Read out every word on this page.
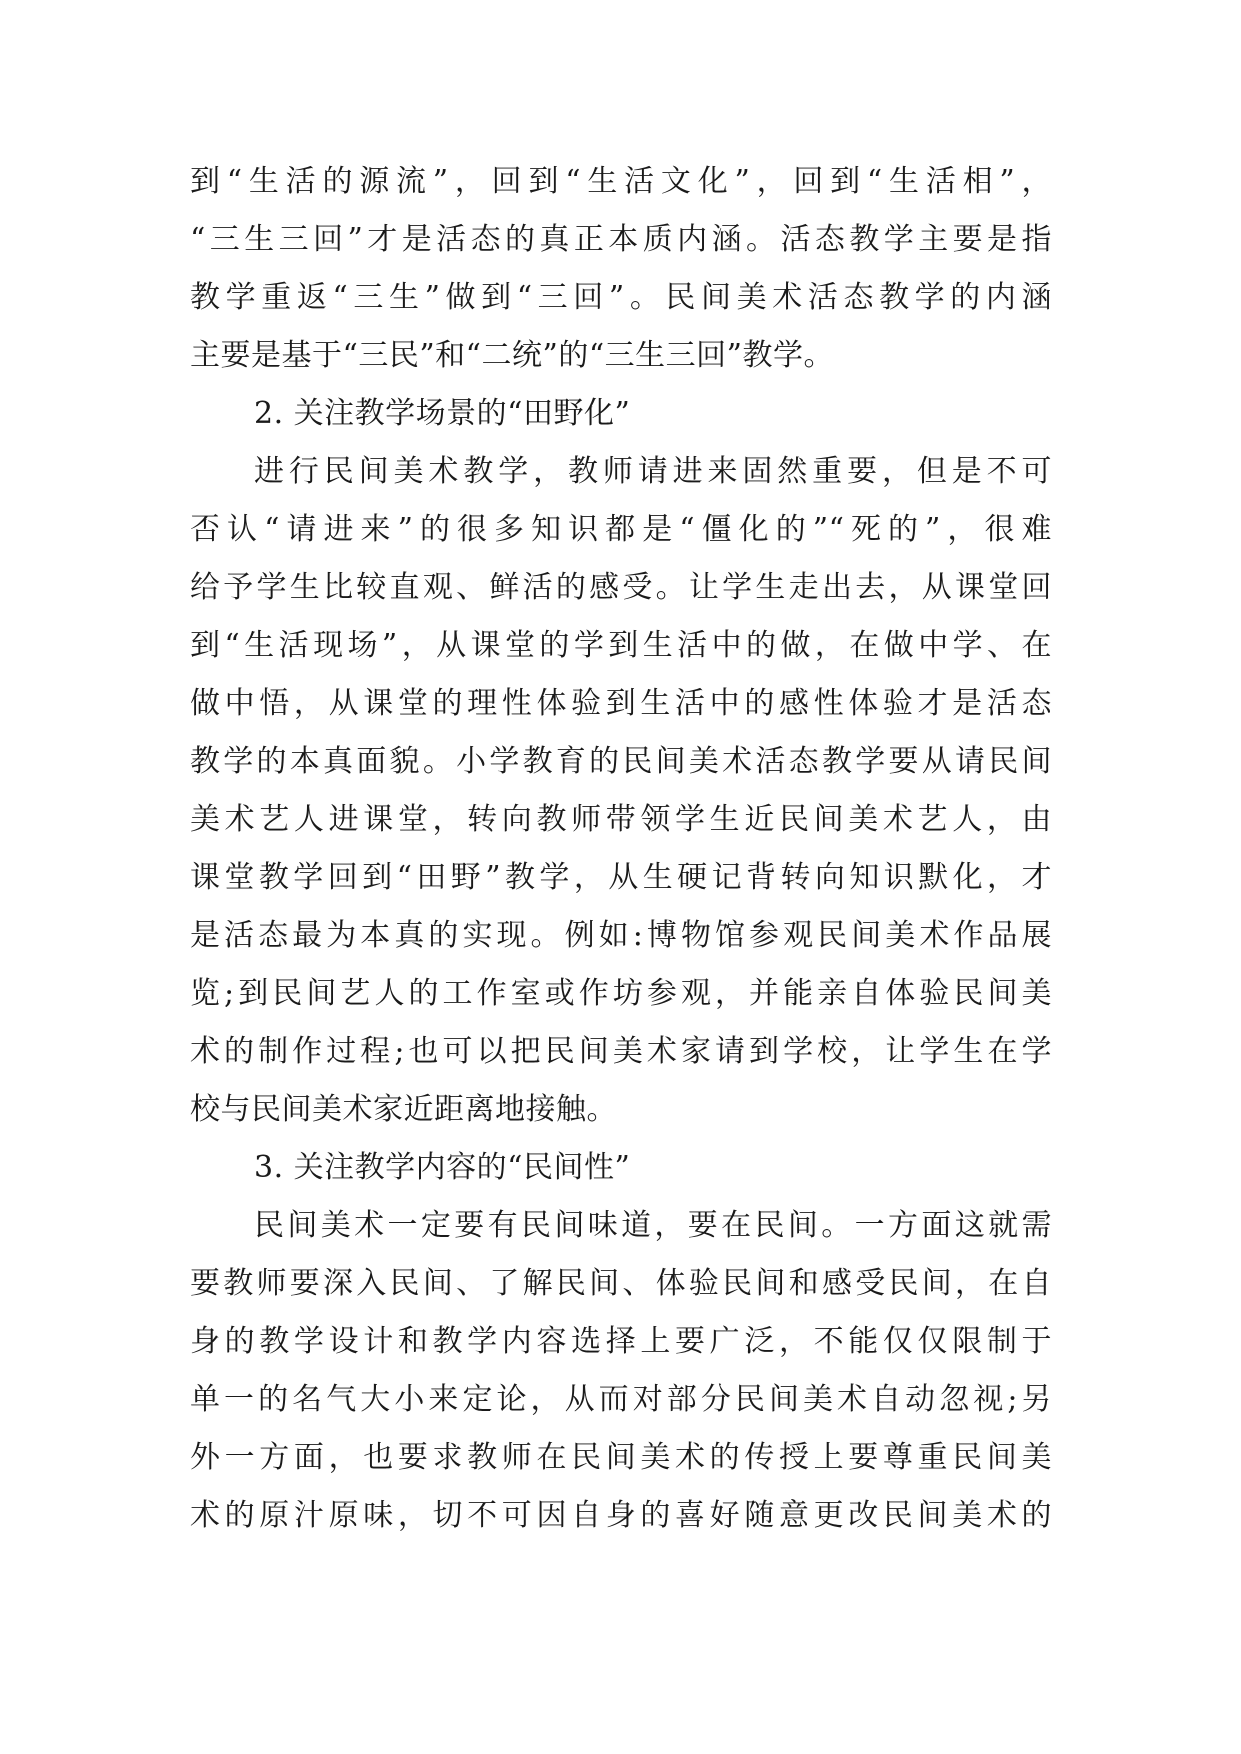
到“生活的源流”，回到“生活文化”，回到“生活相”，
“三生三回”才是活态的真正本质内涵。活态教学主要是指
教学重返“三生”做到“三回”。民间美术活态教学的内涵
主要是基于“三民”和“二统”的“三生三回”教学。
2. 关注教学场景的“田野化”
进行民间美术教学，教师请进来固然重要，但是不可
否认“请进来”的很多知识都是“僵化的”“死的”，很难
给予学生比较直观、鲜活的感受。让学生走出去，从课堂回
到“生活现场”，从课堂的学到生活中的做，在做中学、在
做中悟，从课堂的理性体验到生活中的感性体验才是活态
教学的本真面貌。小学教育的民间美术活态教学要从请民间
美术艺人进课堂，转向教师带领学生近民间美术艺人，由
课堂教学回到“田野”教学，从生硬记背转向知识默化，才
是活态最为本真的实现。例如:博物馆参观民间美术作品展
览;到民间艺人的工作室或作坊参观，并能亲自体验民间美
术的制作过程;也可以把民间美术家请到学校，让学生在学
校与民间美术家近距离地接触。
3. 关注教学内容的“民间性”
民间美术一定要有民间味道，要在民间。一方面这就需
要教师要深入民间、了解民间、体验民间和感受民间，在自
身的教学设计和教学内容选择上要广泛，不能仅仅限制于
单一的名气大小来定论，从而对部分民间美术自动忽视;另
外一方面，也要求教师在民间美术的传授上要尊重民间美
术的原汁原味，切不可因自身的喜好随意更改民间美术的
